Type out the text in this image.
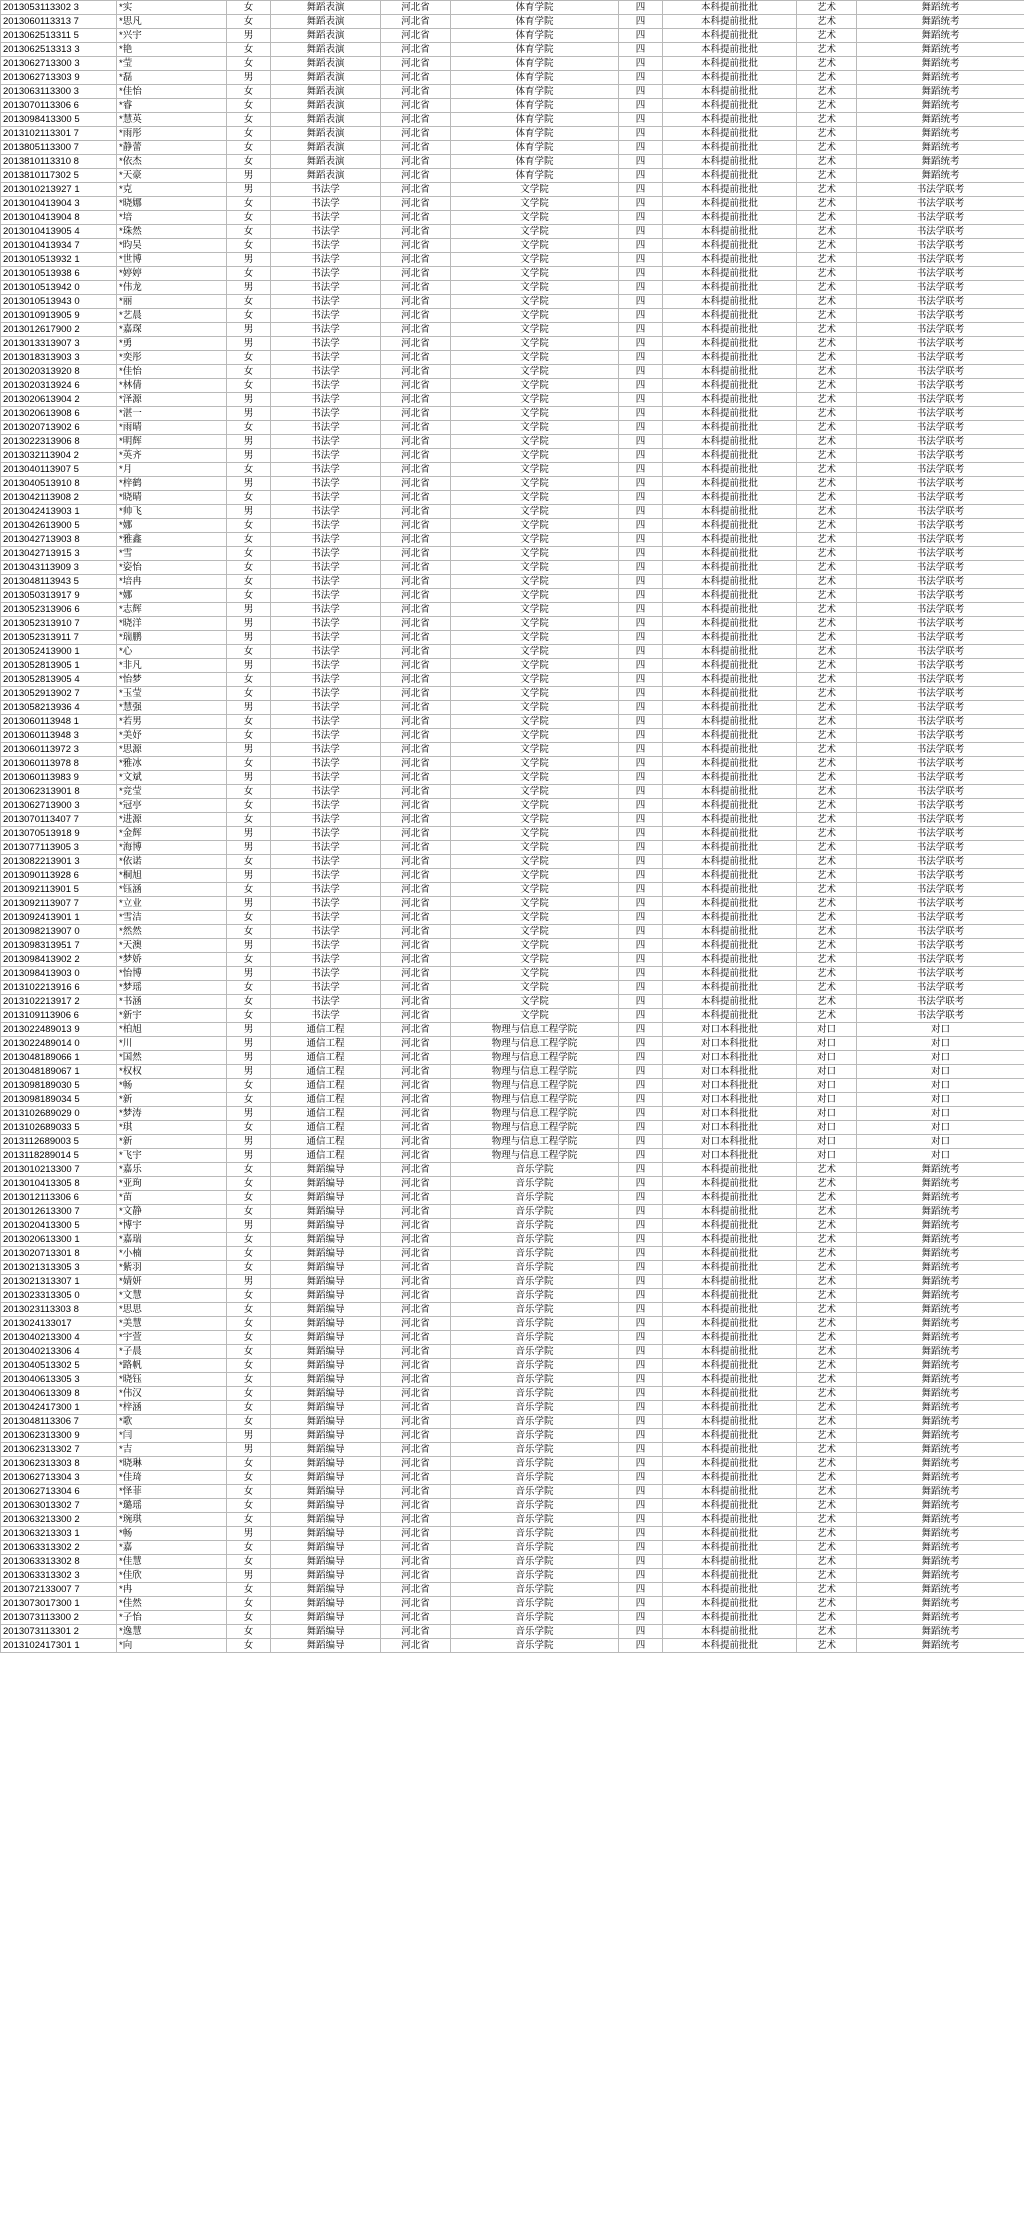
2013053113302 3	*实	女	舞蹈表演	河北省	体育学院	四	本科提前批批	艺术	舞蹈统考
2013060113313 7	*思凡	女	舞蹈表演	河北省	体育学院	四	本科提前批批	艺术	舞蹈统考
2013062513311 5	*兴宇	男	舞蹈表演	河北省	体育学院	四	本科提前批批	艺术	舞蹈统考
2013062513313 3	*艳	女	舞蹈表演	河北省	体育学院	四	本科提前批批	艺术	舞蹈统考
2013062713300 3	*莹	女	舞蹈表演	河北省	体育学院	四	本科提前批批	艺术	舞蹈统考
2013062713303 9	*磊	男	舞蹈表演	河北省	体育学院	四	本科提前批批	艺术	舞蹈统考
2013063113300 3	*佳怡	女	舞蹈表演	河北省	体育学院	四	本科提前批批	艺术	舞蹈统考
2013070113306 6	*睿	女	舞蹈表演	河北省	体育学院	四	本科提前批批	艺术	舞蹈统考
2013098413300 5	*慧英	女	舞蹈表演	河北省	体育学院	四	本科提前批批	艺术	舞蹈统考
2013102113301 7	*雨彤	女	舞蹈表演	河北省	体育学院	四	本科提前批批	艺术	舞蹈统考
2013805113300 7	*静蕾	女	舞蹈表演	河北省	体育学院	四	本科提前批批	艺术	舞蹈统考
2013810113310 8	*依杰	女	舞蹈表演	河北省	体育学院	四	本科提前批批	艺术	舞蹈统考
2013810117302 5	*天豪	男	舞蹈表演	河北省	体育学院	四	本科提前批批	艺术	舞蹈统考
2013010213927 1	*克	男	书法学	河北省	文学院	四	本科提前批批	艺术	书法学联考
2013010413904 3	*晓娜	女	书法学	河北省	文学院	四	本科提前批批	艺术	书法学联考
2013010413904 8	*培	女	书法学	河北省	文学院	四	本科提前批批	艺术	书法学联考
2013010413905 4	*珠然	女	书法学	河北省	文学院	四	本科提前批批	艺术	书法学联考
2013010413934 7	*昀吴	女	书法学	河北省	文学院	四	本科提前批批	艺术	书法学联考
2013010513932 1	*世博	男	书法学	河北省	文学院	四	本科提前批批	艺术	书法学联考
2013010513938 6	*婷婷	女	书法学	河北省	文学院	四	本科提前批批	艺术	书法学联考
2013010513942 0	*伟龙	男	书法学	河北省	文学院	四	本科提前批批	艺术	书法学联考
2013010513943 0	*丽	女	书法学	河北省	文学院	四	本科提前批批	艺术	书法学联考
2013010913905 9	*艺晨	女	书法学	河北省	文学院	四	本科提前批批	艺术	书法学联考
2013012617900 2	*嘉琛	男	书法学	河北省	文学院	四	本科提前批批	艺术	书法学联考
2013013313907 3	*勇	男	书法学	河北省	文学院	四	本科提前批批	艺术	书法学联考
2013018313903 3	*奕彤	女	书法学	河北省	文学院	四	本科提前批批	艺术	书法学联考
2013020313920 8	*佳怡	女	书法学	河北省	文学院	四	本科提前批批	艺术	书法学联考
2013020313924 6	*林倩	女	书法学	河北省	文学院	四	本科提前批批	艺术	书法学联考
2013020613904 2	*泽源	男	书法学	河北省	文学院	四	本科提前批批	艺术	书法学联考
2013020613908 6	*湛一	男	书法学	河北省	文学院	四	本科提前批批	艺术	书法学联考
2013020713902 6	*雨晴	女	书法学	河北省	文学院	四	本科提前批批	艺术	书法学联考
2013022313906 8	*明辉	男	书法学	河北省	文学院	四	本科提前批批	艺术	书法学联考
2013032113904 2	*英齐	男	书法学	河北省	文学院	四	本科提前批批	艺术	书法学联考
2013040113907 5	*月	女	书法学	河北省	文学院	四	本科提前批批	艺术	书法学联考
2013040513910 8	*梓鹤	男	书法学	河北省	文学院	四	本科提前批批	艺术	书法学联考
2013042113908 2	*晓晴	女	书法学	河北省	文学院	四	本科提前批批	艺术	书法学联考
2013042413903 1	*帅飞	男	书法学	河北省	文学院	四	本科提前批批	艺术	书法学联考
2013042613900 5	*娜	女	书法学	河北省	文学院	四	本科提前批批	艺术	书法学联考
2013042713903 8	*雅鑫	女	书法学	河北省	文学院	四	本科提前批批	艺术	书法学联考
2013042713915 3	*雪	女	书法学	河北省	文学院	四	本科提前批批	艺术	书法学联考
2013043113909 3	*姿怡	女	书法学	河北省	文学院	四	本科提前批批	艺术	书法学联考
2013048113943 5	*培冉	女	书法学	河北省	文学院	四	本科提前批批	艺术	书法学联考
2013050313917 9	*娜	女	书法学	河北省	文学院	四	本科提前批批	艺术	书法学联考
2013052313906 6	*志辉	男	书法学	河北省	文学院	四	本科提前批批	艺术	书法学联考
2013052313910 7	*晓洋	男	书法学	河北省	文学院	四	本科提前批批	艺术	书法学联考
2013052313911 7	*瑞鹏	男	书法学	河北省	文学院	四	本科提前批批	艺术	书法学联考
2013052413900 1	*心	女	书法学	河北省	文学院	四	本科提前批批	艺术	书法学联考
2013052813905 1	*非凡	男	书法学	河北省	文学院	四	本科提前批批	艺术	书法学联考
2013052813905 4	*怡梦	女	书法学	河北省	文学院	四	本科提前批批	艺术	书法学联考
2013052913902 7	*玉莹	女	书法学	河北省	文学院	四	本科提前批批	艺术	书法学联考
2013058213936 4	*慧强	男	书法学	河北省	文学院	四	本科提前批批	艺术	书法学联考
2013060113948 1	*若男	女	书法学	河北省	文学院	四	本科提前批批	艺术	书法学联考
2013060113948 3	*美妤	女	书法学	河北省	文学院	四	本科提前批批	艺术	书法学联考
2013060113972 3	*思源	男	书法学	河北省	文学院	四	本科提前批批	艺术	书法学联考
2013060113978 8	*雅冰	女	书法学	河北省	文学院	四	本科提前批批	艺术	书法学联考
2013060113983 9	*文斌	男	书法学	河北省	文学院	四	本科提前批批	艺术	书法学联考
2013062313901 8	*竞莹	女	书法学	河北省	文学院	四	本科提前批批	艺术	书法学联考
2013062713900 3	*冠亭	女	书法学	河北省	文学院	四	本科提前批批	艺术	书法学联考
2013070113407 7	*进源	女	书法学	河北省	文学院	四	本科提前批批	艺术	书法学联考
2013070513918 9	*金辉	男	书法学	河北省	文学院	四	本科提前批批	艺术	书法学联考
2013077113905 3	*海博	男	书法学	河北省	文学院	四	本科提前批批	艺术	书法学联考
2013082213901 3	*依诺	女	书法学	河北省	文学院	四	本科提前批批	艺术	书法学联考
2013090113928 6	*桐旭	男	书法学	河北省	文学院	四	本科提前批批	艺术	书法学联考
2013092113901 5	*钰涵	女	书法学	河北省	文学院	四	本科提前批批	艺术	书法学联考
2013092113907 7	*立业	男	书法学	河北省	文学院	四	本科提前批批	艺术	书法学联考
2013092413901 1	*雪洁	女	书法学	河北省	文学院	四	本科提前批批	艺术	书法学联考
2013098213907 0	*然然	女	书法学	河北省	文学院	四	本科提前批批	艺术	书法学联考
2013098313951 7	*天澳	男	书法学	河北省	文学院	四	本科提前批批	艺术	书法学联考
2013098413902 2	*梦娇	女	书法学	河北省	文学院	四	本科提前批批	艺术	书法学联考
2013098413903 0	*怡博	男	书法学	河北省	文学院	四	本科提前批批	艺术	书法学联考
2013102213916 6	*梦瑶	女	书法学	河北省	文学院	四	本科提前批批	艺术	书法学联考
2013102213917 2	*书涵	女	书法学	河北省	文学院	四	本科提前批批	艺术	书法学联考
2013109113906 6	*新宇	女	书法学	河北省	文学院	四	本科提前批批	艺术	书法学联考
2013022489013 9	*柏旭	男	通信工程	河北省	物理与信息工程学院	四	对口本科批批	对口	对口
2013022489014 0	*川	男	通信工程	河北省	物理与信息工程学院	四	对口本科批批	对口	对口
2013048189066 1	*国然	男	通信工程	河北省	物理与信息工程学院	四	对口本科批批	对口	对口
2013048189067 1	*权权	男	通信工程	河北省	物理与信息工程学院	四	对口本科批批	对口	对口
2013098189030 5	*畅	女	通信工程	河北省	物理与信息工程学院	四	对口本科批批	对口	对口
2013098189034 5	*新	女	通信工程	河北省	物理与信息工程学院	四	对口本科批批	对口	对口
2013102689029 0	*梦涛	男	通信工程	河北省	物理与信息工程学院	四	对口本科批批	对口	对口
2013102689033 5	*琪	女	通信工程	河北省	物理与信息工程学院	四	对口本科批批	对口	对口
2013112689003 5	*新	男	通信工程	河北省	物理与信息工程学院	四	对口本科批批	对口	对口
2013118289014 5	*飞宇	男	通信工程	河北省	物理与信息工程学院	四	对口本科批批	对口	对口
2013010213300 7	*嘉乐	女	舞蹈编导	河北省	音乐学院	四	本科提前批批	艺术	舞蹈统考
2013010413305 8	*亚珣	女	舞蹈编导	河北省	音乐学院	四	本科提前批批	艺术	舞蹈统考
2013012113306 6	*苗	女	舞蹈编导	河北省	音乐学院	四	本科提前批批	艺术	舞蹈统考
2013012613300 7	*文静	女	舞蹈编导	河北省	音乐学院	四	本科提前批批	艺术	舞蹈统考
2013020413300 5	*博宇	男	舞蹈编导	河北省	音乐学院	四	本科提前批批	艺术	舞蹈统考
2013020613300 1	*嘉瑞	女	舞蹈编导	河北省	音乐学院	四	本科提前批批	艺术	舞蹈统考
2013020713301 8	*小楠	女	舞蹈编导	河北省	音乐学院	四	本科提前批批	艺术	舞蹈统考
2013021313305 3	*紫羽	女	舞蹈编导	河北省	音乐学院	四	本科提前批批	艺术	舞蹈统考
2013021313307 1	*婧妍	男	舞蹈编导	河北省	音乐学院	四	本科提前批批	艺术	舞蹈统考
2013023313305 0	*文慧	女	舞蹈编导	河北省	音乐学院	四	本科提前批批	艺术	舞蹈统考
2013023113303 8	*思思	女	舞蹈编导	河北省	音乐学院	四	本科提前批批	艺术	舞蹈统考
2013024133017	*美慧	女	舞蹈编导	河北省	音乐学院	四	本科提前批批	艺术	舞蹈统考
2013040213300 4	*宇萱	女	舞蹈编导	河北省	音乐学院	四	本科提前批批	艺术	舞蹈统考
2013040213306 4	*子晨	女	舞蹈编导	河北省	音乐学院	四	本科提前批批	艺术	舞蹈统考
2013040513302 5	*路帆	女	舞蹈编导	河北省	音乐学院	四	本科提前批批	艺术	舞蹈统考
2013040613305 3	*晓钰	女	舞蹈编导	河北省	音乐学院	四	本科提前批批	艺术	舞蹈统考
2013040613309 8	*伟汉	女	舞蹈编导	河北省	音乐学院	四	本科提前批批	艺术	舞蹈统考
2013042417300 1	*梓涵	女	舞蹈编导	河北省	音乐学院	四	本科提前批批	艺术	舞蹈统考
2013048113306 7	*歌	女	舞蹈编导	河北省	音乐学院	四	本科提前批批	艺术	舞蹈统考
2013062313300 9	*闫	男	舞蹈编导	河北省	音乐学院	四	本科提前批批	艺术	舞蹈统考
2013062313302 7	*吉	男	舞蹈编导	河北省	音乐学院	四	本科提前批批	艺术	舞蹈统考
2013062313303 8	*晓琳	女	舞蹈编导	河北省	音乐学院	四	本科提前批批	艺术	舞蹈统考
2013062713304 3	*佳琦	女	舞蹈编导	河北省	音乐学院	四	本科提前批批	艺术	舞蹈统考
2013062713304 6	*怿菲	女	舞蹈编导	河北省	音乐学院	四	本科提前批批	艺术	舞蹈统考
2013063013302 7	*璐瑶	女	舞蹈编导	河北省	音乐学院	四	本科提前批批	艺术	舞蹈统考
2013063213300 2	*琬琪	女	舞蹈编导	河北省	音乐学院	四	本科提前批批	艺术	舞蹈统考
2013063213303 1	*畅	男	舞蹈编导	河北省	音乐学院	四	本科提前批批	艺术	舞蹈统考
2013063313302 2	*嘉	女	舞蹈编导	河北省	音乐学院	四	本科提前批批	艺术	舞蹈统考
2013063313302 8	*佳慧	女	舞蹈编导	河北省	音乐学院	四	本科提前批批	艺术	舞蹈统考
2013063313302 3	*佳欣	男	舞蹈编导	河北省	音乐学院	四	本科提前批批	艺术	舞蹈统考
2013072133007 7	*冉	女	舞蹈编导	河北省	音乐学院	四	本科提前批批	艺术	舞蹈统考
2013073017300 1	*佳然	女	舞蹈编导	河北省	音乐学院	四	本科提前批批	艺术	舞蹈统考
2013073113300 2	*子怡	女	舞蹈编导	河北省	音乐学院	四	本科提前批批	艺术	舞蹈统考
2013073113301 2	*逸慧	女	舞蹈编导	河北省	音乐学院	四	本科提前批批	艺术	舞蹈统考
2013102417301 1	*向	女	舞蹈编导	河北省	音乐学院	四	本科提前批批	艺术	舞蹈统考
